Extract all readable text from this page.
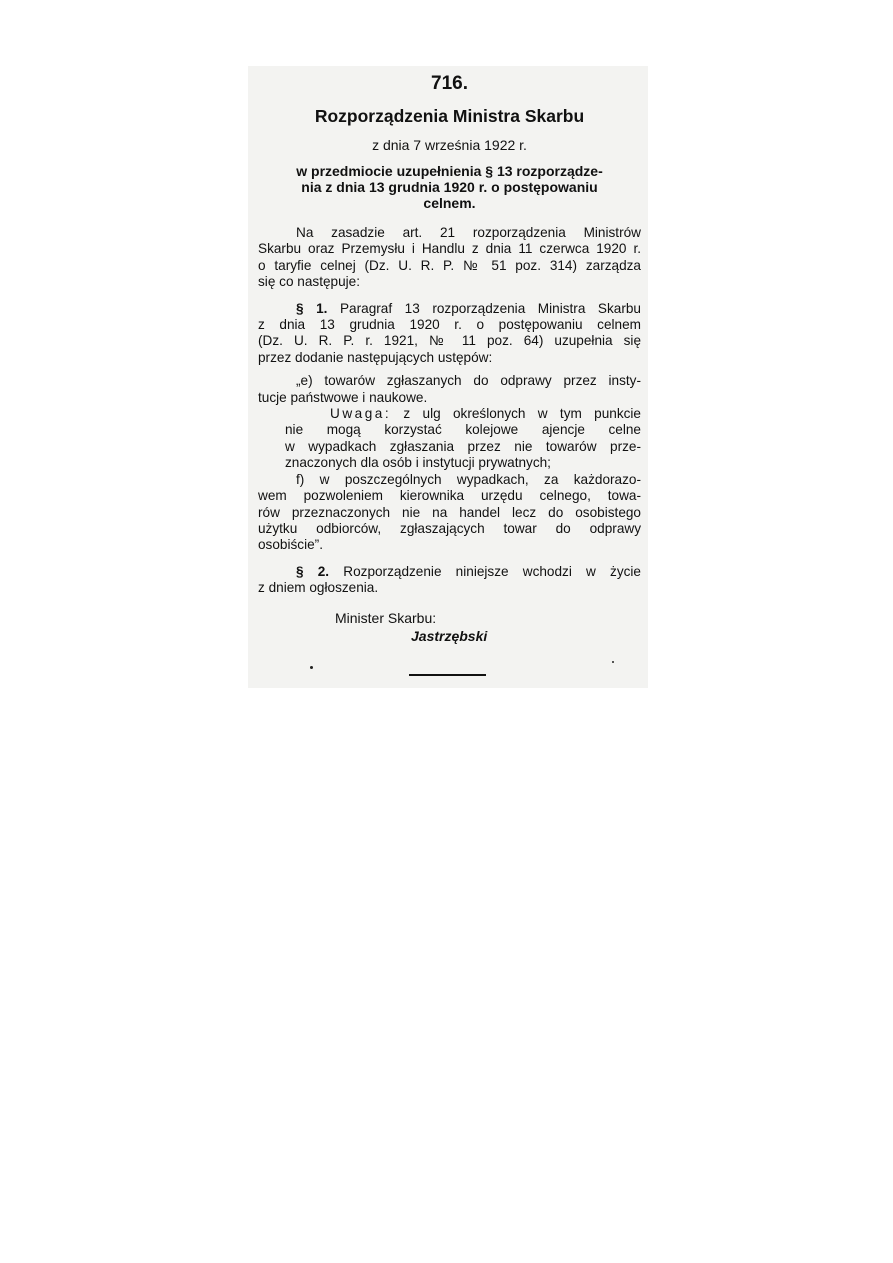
716.
Rozporządzenia Ministra Skarbu
z dnia 7 września 1922 r.
w przedmiocie uzupełnienia § 13 rozporządze-
nia z dnia 13 grudnia 1920 r. o postępowaniu
celnem.
Na zasadzie art. 21 rozporządzenia Ministrów
Skarbu oraz Przemysłu i Handlu z dnia 11 czerwca 1920 r.
o taryfie celnej (Dz. U. R. P. № 51 poz. 314) zarządza
się co następuje:
§ 1. Paragraf 13 rozporządzenia Ministra Skarbu
z dnia 13 grudnia 1920 r. o postępowaniu celnem
(Dz. U. R. P. r. 1921, № 11 poz. 64) uzupełnia się
przez dodanie następujących ustępów:
„e) towarów zgłaszanych do odprawy przez insty-
tucje państwowe i naukowe.
Uwaga: z ulg określonych w tym punkcie
nie mogą korzystać kolejowe ajencje celne
w wypadkach zgłaszania przez nie towarów prze-
znaczonych dla osób i instytucji prywatnych;
f) w poszczególnych wypadkach, za każdorazo-
wem pozwoleniem kierownika urzędu celnego, towa-
rów przeznaczonych nie na handel lecz do osobistego
użytku odbiorców, zgłaszających towar do odprawy
osobiście”.
§ 2. Rozporządzenie niniejsze wchodzi w życie
z dniem ogłoszenia.
Minister Skarbu:
Jastrzębski
